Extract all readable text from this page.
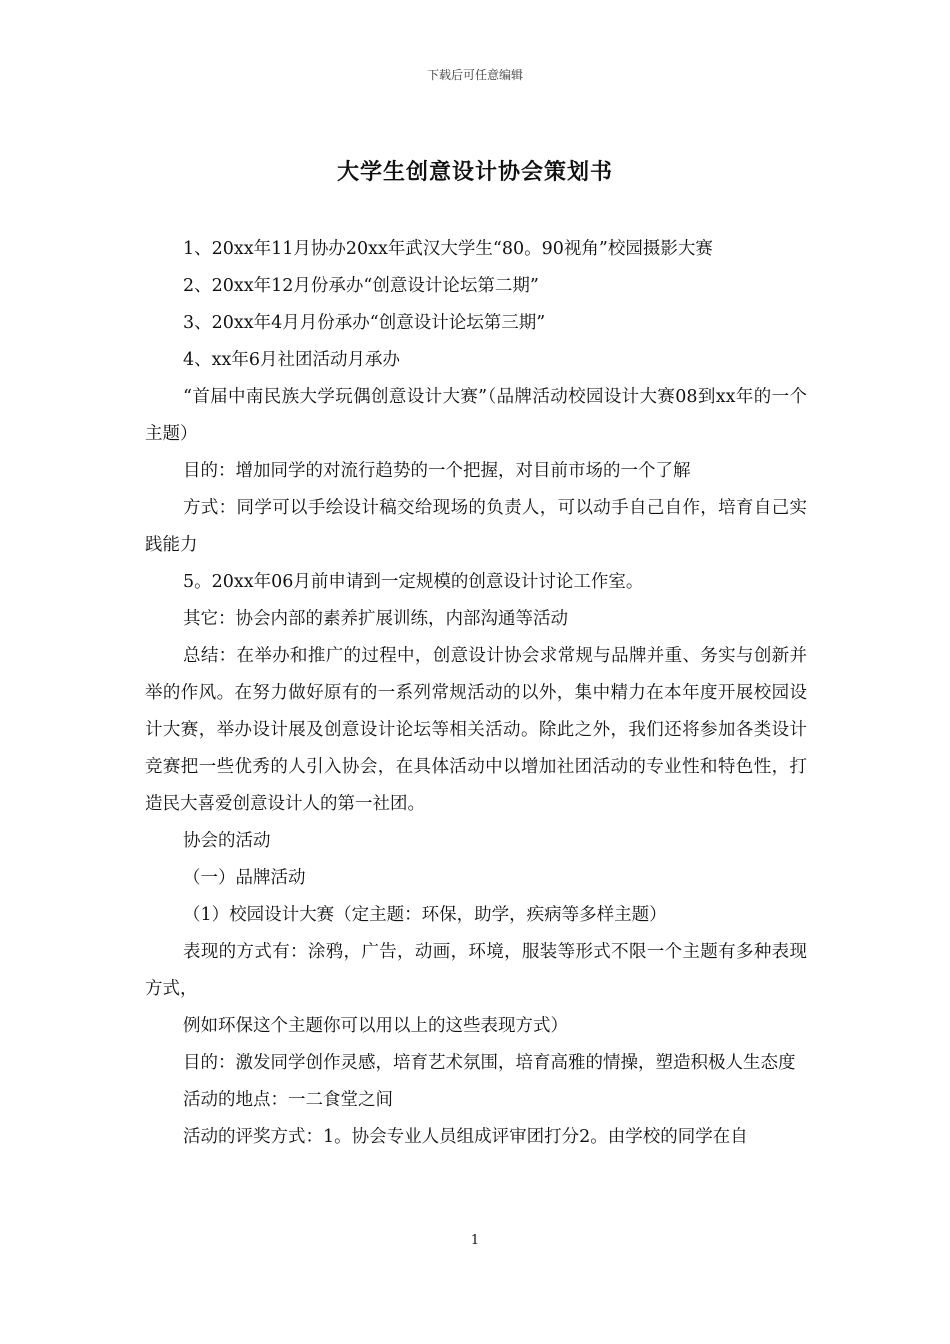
下载后可任意编辑
大学生创意设计协会策划书

1、20xx年11月协办20xx年武汉大学生“80。90视角”校园摄影大赛

2、20xx年12月份承办“创意设计论坛第二期”

3、20xx年4月月份承办“创意设计论坛第三期”

4、xx年6月社团活动月承办

“首届中南民族大学玩偶创意设计大赛”（品牌活动校园设计大赛08到xx年的一个主题）

目的：增加同学的对流行趋势的一个把握，对目前市场的一个了解

方式：同学可以手绘设计稿交给现场的负责人，可以动手自己自作，培育自己实践能力

5。20xx年06月前申请到一定规模的创意设计讨论工作室。

其它：协会内部的素养扩展训练，内部沟通等活动

总结：在举办和推广的过程中，创意设计协会求常规与品牌并重、务实与创新并举的作风。在努力做好原有的一系列常规活动的以外，集中精力在本年度开展校园设计大赛，举办设计展及创意设计论坛等相关活动。除此之外，我们还将参加各类设计竞赛把一些优秀的人引入协会，在具体活动中以增加社团活动的专业性和特色性，打造民大喜爱创意设计人的第一社团。

协会的活动

（一）品牌活动

（1）校园设计大赛（定主题：环保，助学，疾病等多样主题）

表现的方式有：涂鸦，广告，动画，环境，服装等形式不限一个主题有多种表现方式，

例如环保这个主题你可以用以上的这些表现方式）

目的：激发同学创作灵感，培育艺术氛围，培育高雅的情操，塑造积极人生态度

活动的地点：一二食堂之间

活动的评奖方式：1。协会专业人员组成评审团打分2。由学校的同学在自

1
